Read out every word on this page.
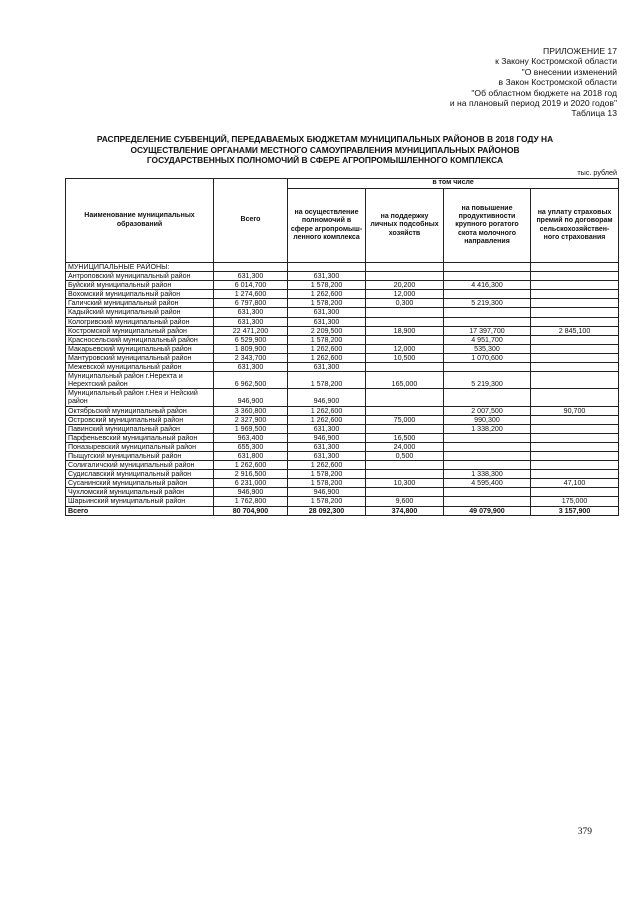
ПРИЛОЖЕНИЕ 17
к Закону Костромской области
"О внесении изменений
в Закон Костромской области
"Об областном бюджете на 2018 год
и на плановый период 2019 и 2020 годов"
Таблица 13
РАСПРЕДЕЛЕНИЕ СУБВЕНЦИЙ, ПЕРЕДАВАЕМЫХ БЮДЖЕТАМ МУНИЦИПАЛЬНЫХ РАЙОНОВ В 2018 ГОДУ НА
ОСУЩЕСТВЛЕНИЕ ОРГАНАМИ МЕСТНОГО САМОУПРАВЛЕНИЯ МУНИЦИПАЛЬНЫХ РАЙОНОВ
ГОСУДАРСТВЕННЫХ ПОЛНОМОЧИЙ В СФЕРЕ АГРОПРОМЫШЛЕННОГО КОМПЛЕКСА
тыс. рублей
Наименование муниципальных образований	Всего	в том числе			
		на осуществление полномочий в сфере агропромыш-ленного комплекса	на поддержку личных подсобных хозяйств	на повышение продуктивности крупного рогатого скота молочного направления	на уплату страховых премий по договорам сельскохозяйствен-ного страхования
МУНИЦИПАЛЬНЫЕ РАЙОНЫ:					
Антроповский муниципальный район	631,300	631,300			
Буйский муниципальный район	6 014,700	1 578,200	20,200	4 416,300	
Вохомский муниципальный район	1 274,600	1 262,600	12,000		
Галичский муниципальный район	6 797,800	1 578,200	0,300	5 219,300	
Кадыйский муниципальный район	631,300	631,300			
Кологривский муниципальный район	631,300	631,300			
Костромской муниципальный район	22 471,200	2 209,500	18,900	17 397,700	2 845,100
Красносельский муниципальный район	6 529,900	1 578,200		4 951,700	
Макарьевский муниципальный район	1 809,900	1 262,600	12,000	535,300	
Мантуровский муниципальный район	2 343,700	1 262,600	10,500	1 070,600	
Межевской муниципальный район	631,300	631,300			
Муниципальный район г.Нерехта и Нерехтский район	6 962,500	1 578,200	165,000	5 219,300	
Муниципальный район г.Нея и Нейский район	946,900	946,900			
Октябрьский муниципальный район	3 360,800	1 262,600		2 007,500	90,700
Островский муниципальный район	2 327,900	1 262,600	75,000	990,300	
Павинский муниципальный район	1 969,500	631,300		1 338,200	
Парфеньевский муниципальный район	963,400	946,900	16,500		
Поназыревский муниципальный район	655,300	631,300	24,000		
Пыщугский муниципальный район	631,800	631,300	0,500		
Солигаличский муниципальный район	1 262,600	1 262,600			
Судиславский муниципальный район	2 916,500	1 578,200		1 338,300	
Сусанинский муниципальный район	6 231,000	1 578,200	10,300	4 595,400	47,100
Чухломский муниципальный район	946,900	946,900			
Шарьинский муниципальный район	1 762,800	1 578,200	9,600		175,000
Всего	80 704,900	28 092,300	374,800	49 079,900	3 157,900
379
